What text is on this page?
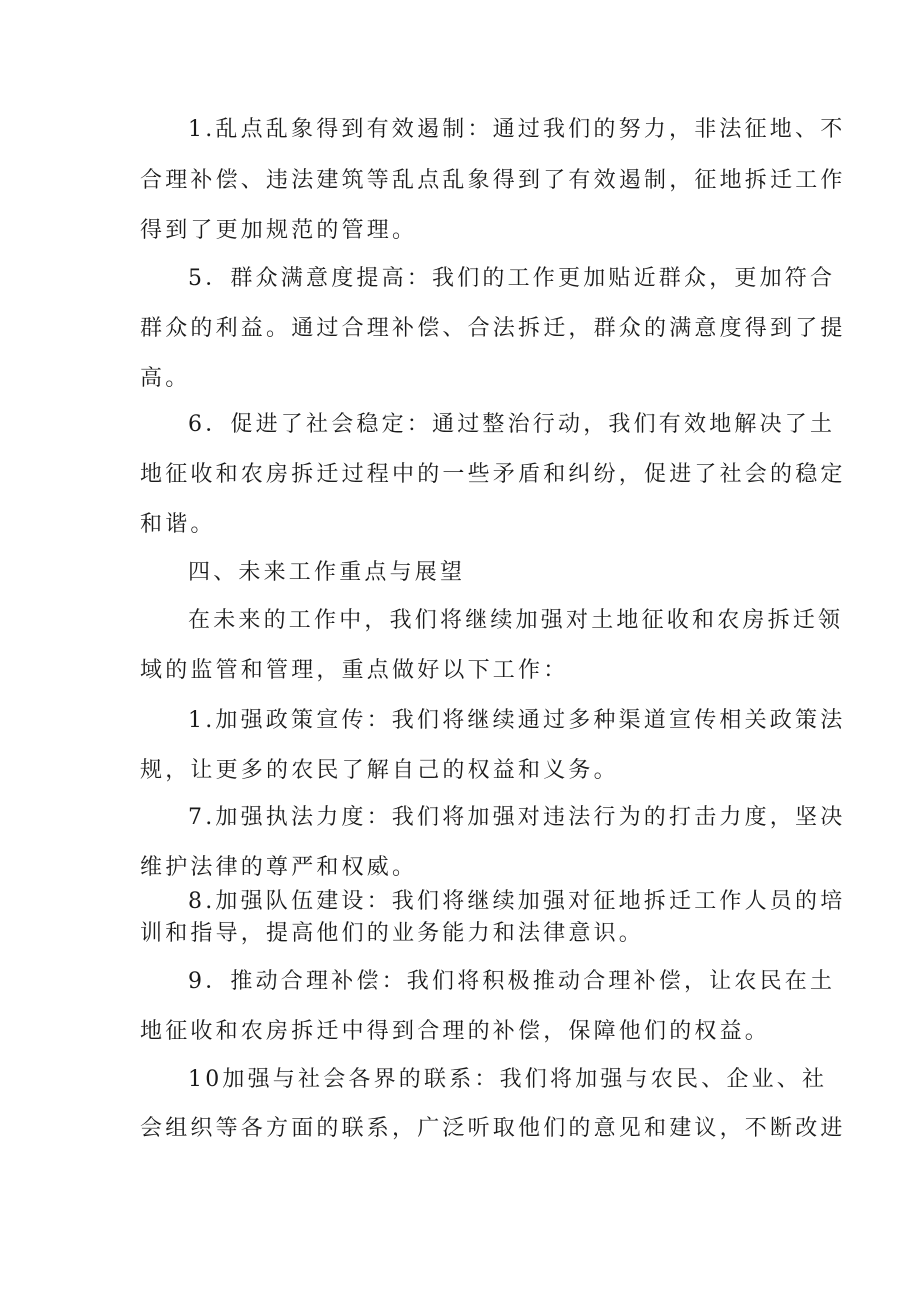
1.乱点乱象得到有效遏制：通过我们的努力，非法征地、不
合理补偿、违法建筑等乱点乱象得到了有效遏制，征地拆迁工作
得到了更加规范的管理。
5．群众满意度提高：我们的工作更加贴近群众，更加符合
群众的利益。通过合理补偿、合法拆迁，群众的满意度得到了提
高。
6．促进了社会稳定：通过整治行动，我们有效地解决了土
地征收和农房拆迁过程中的一些矛盾和纠纷，促进了社会的稳定
和谐。
四、未来工作重点与展望
在未来的工作中，我们将继续加强对土地征收和农房拆迁领
域的监管和管理，重点做好以下工作：
1.加强政策宣传：我们将继续通过多种渠道宣传相关政策法
规，让更多的农民了解自己的权益和义务。
7.加强执法力度：我们将加强对违法行为的打击力度，坚决
维护法律的尊严和权威。
8.加强队伍建设：我们将继续加强对征地拆迁工作人员的培
训和指导，提高他们的业务能力和法律意识。
9．推动合理补偿：我们将积极推动合理补偿，让农民在土
地征收和农房拆迁中得到合理的补偿，保障他们的权益。
10加强与社会各界的联系：我们将加强与农民、企业、社
会组织等各方面的联系，广泛听取他们的意见和建议，不断改进
